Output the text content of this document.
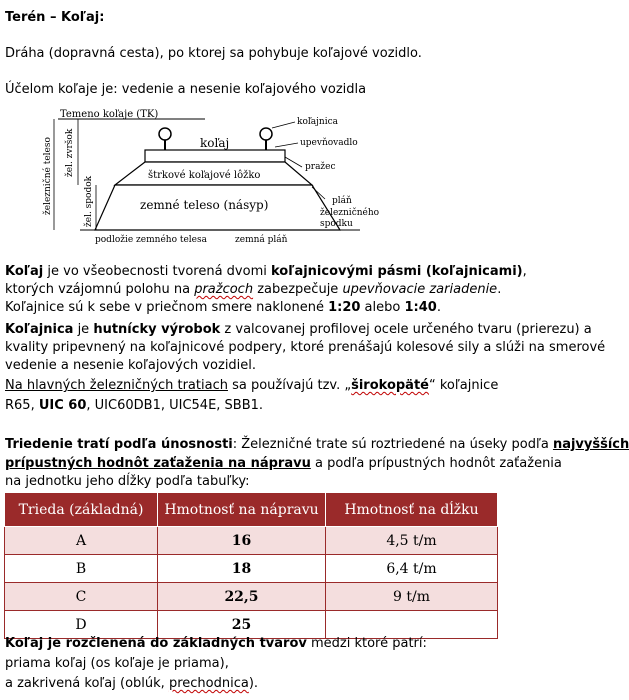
Terén – Koľaj:
Dráha (dopravná cesta), po ktorej sa pohybuje koľajové vozidlo.
Účelom koľaje je: vedenie a nesenie koľajového vozidla
Temeno koľaje (TK)
koľaj
štrkové koľajové lôžko
zemné teleso (násyp)
podložie zemného telesa	zemná pláň
koľajnica
upevňovadlo
pražec
pláň
železničného
spodku
železničné teleso žel. zvršok
žel. spodok
Koľaj je vo všeobecnosti tvorená dvomi koľajnicovými pásmi (koľajnicami),
ktorých vzájomnú polohu na pražcoch zabezpečuje upevňovacie zariadenie.
Koľajnice sú k sebe v priečnom smere naklonené 1:20 alebo 1:40.
Koľajnica je hutnícky výrobok z valcovanej profilovej ocele určeného tvaru (prierezu) a
kvality pripevnený na koľajnicové podpery, ktoré prenášajú kolesové sily a slúži na smerové
vedenie a nesenie koľajových vozidiel.
Na hlavných železničných tratiach sa používajú tzv. „širokopäté“ koľajnice
R65, UIC 60, UIC60DB1, UIC54E, SBB1.
Triedenie tratí podľa únosnosti: Železničné trate sú roztriedené na úseky podľa najvyšších
prípustných hodnôt zaťaženia na nápravu a podľa prípustných hodnôt zaťaženia
na jednotku jeho dĺžky podľa tabuľky:
Trieda (základná)	Hmotnosť na nápravu	Hmotnosť na dĺžku
A	16	4,5 t/m
B	18	6,4 t/m
C	22,5	9 t/m
D	25	
Koľaj je rozčlenená do základných tvarov medzi ktoré patrí:
priama koľaj (os koľaje je priama),
a zakrivená koľaj (oblúk, prechodnica).
